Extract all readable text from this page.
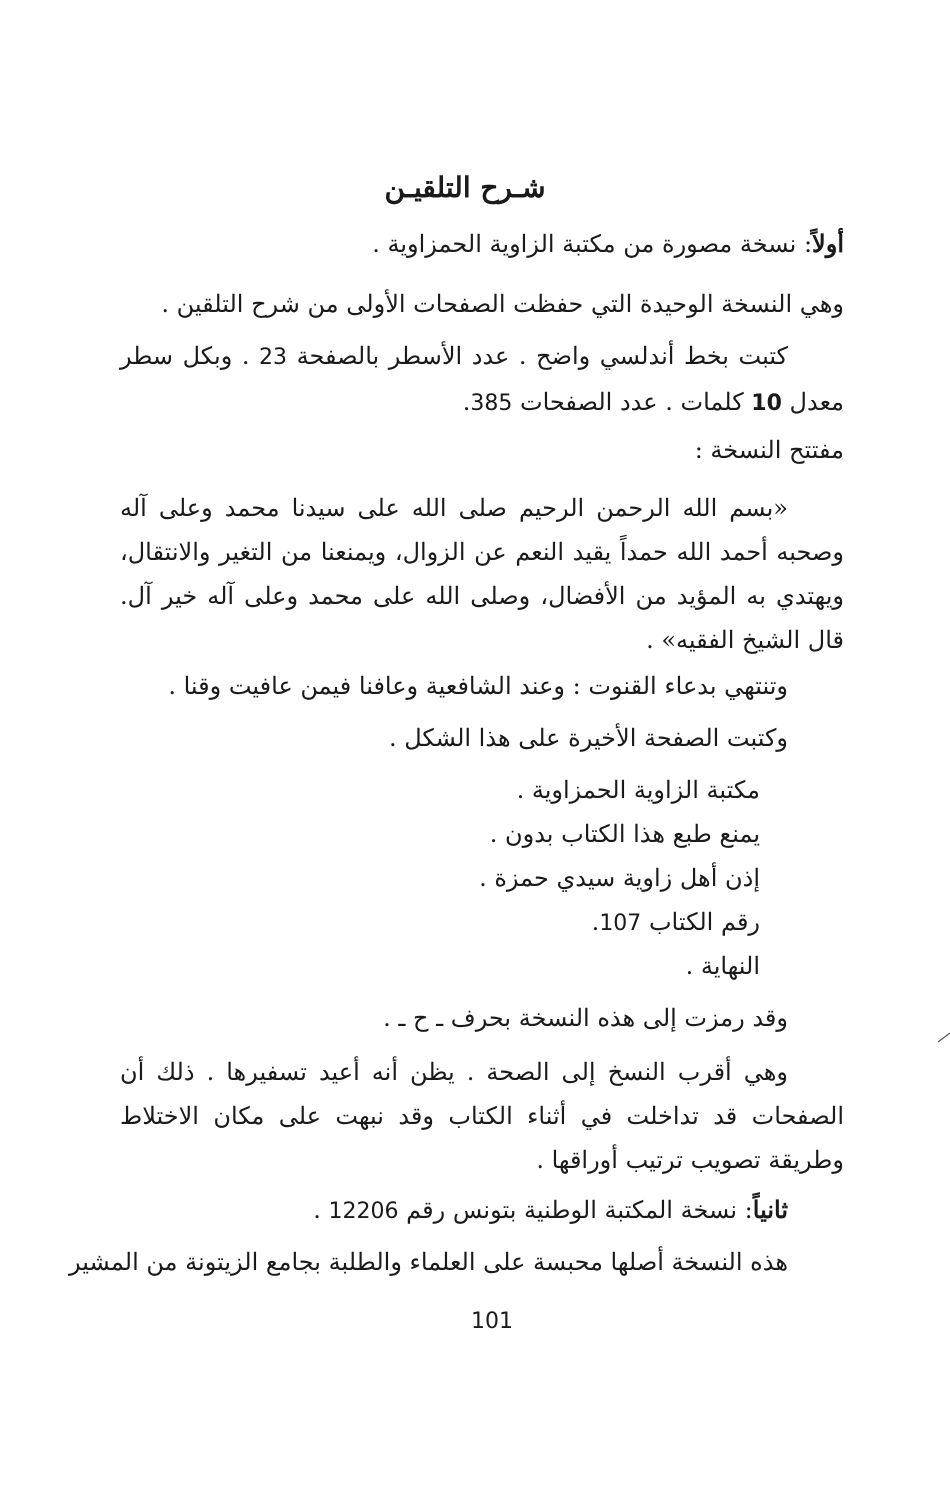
شـرح التلقيـن

أولاً: نسخة مصورة من مكتبة الزاوية الحمزاوية .

وهي النسخة الوحيدة التي حفظت الصفحات الأولى من شرح التلقين .

كتبت بخط أندلسي واضح . عدد الأسطر بالصفحة 23 . وبكل سطر معدل 10 كلمات . عدد الصفحات 385.

مفتتح النسخة :

«بسم الله الرحمن الرحيم صلى الله على سيدنا محمد وعلى آله وصحبه أحمد الله حمداً يقيد النعم عن الزوال، ويمنعنا من التغير والانتقال، ويهتدي به المؤيد من الأفضال، وصلى الله على محمد وعلى آله خير آل. قال الشيخ الفقيه» .

وتنتهي بدعاء القنوت : وعند الشافعية وعافنا فيمن عافيت وقنا .

وكتبت الصفحة الأخيرة على هذا الشكل .

مكتبة الزاوية الحمزاوية .

يمنع طبع هذا الكتاب بدون .

إذن أهل زاوية سيدي حمزة .

رقم الكتاب 107.

النهاية .

وقد رمزت إلى هذه النسخة بحرف ـ ح ـ .

وهي أقرب النسخ إلى الصحة . يظن أنه أعيد تسفيرها . ذلك أن الصفحات قد تداخلت في أثناء الكتاب وقد نبهت على مكان الاختلاط وطريقة تصويب ترتيب أوراقها .

ثانياً: نسخة المكتبة الوطنية بتونس رقم 12206 .

هذه النسخة أصلها محبسة على العلماء والطلبة بجامع الزيتونة من المشير

101
